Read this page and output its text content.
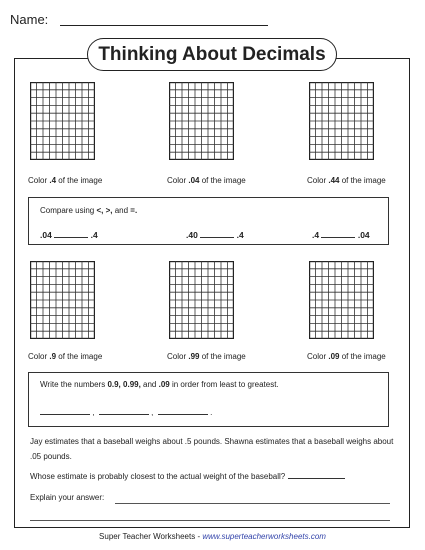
Name:
Thinking About Decimals
Color .4 of the image	Color .04 of the image	Color .44 of the image
Compare using <, >, and =.
.04	.4	.40	.4	.4	.04
Color .9 of the image	Color .99 of the image	Color .09 of the image
Write the numbers 0.9, 0.99, and .09 in order from least to greatest.
,	,	.
Jay estimates that a baseball weighs about .5 pounds. Shawna estimates that a baseball weighs about .05 pounds.
Whose estimate is probably closest to the actual weight of the baseball?
Explain your answer:
Super Teacher Worksheets - www.superteacherworksheets.com
